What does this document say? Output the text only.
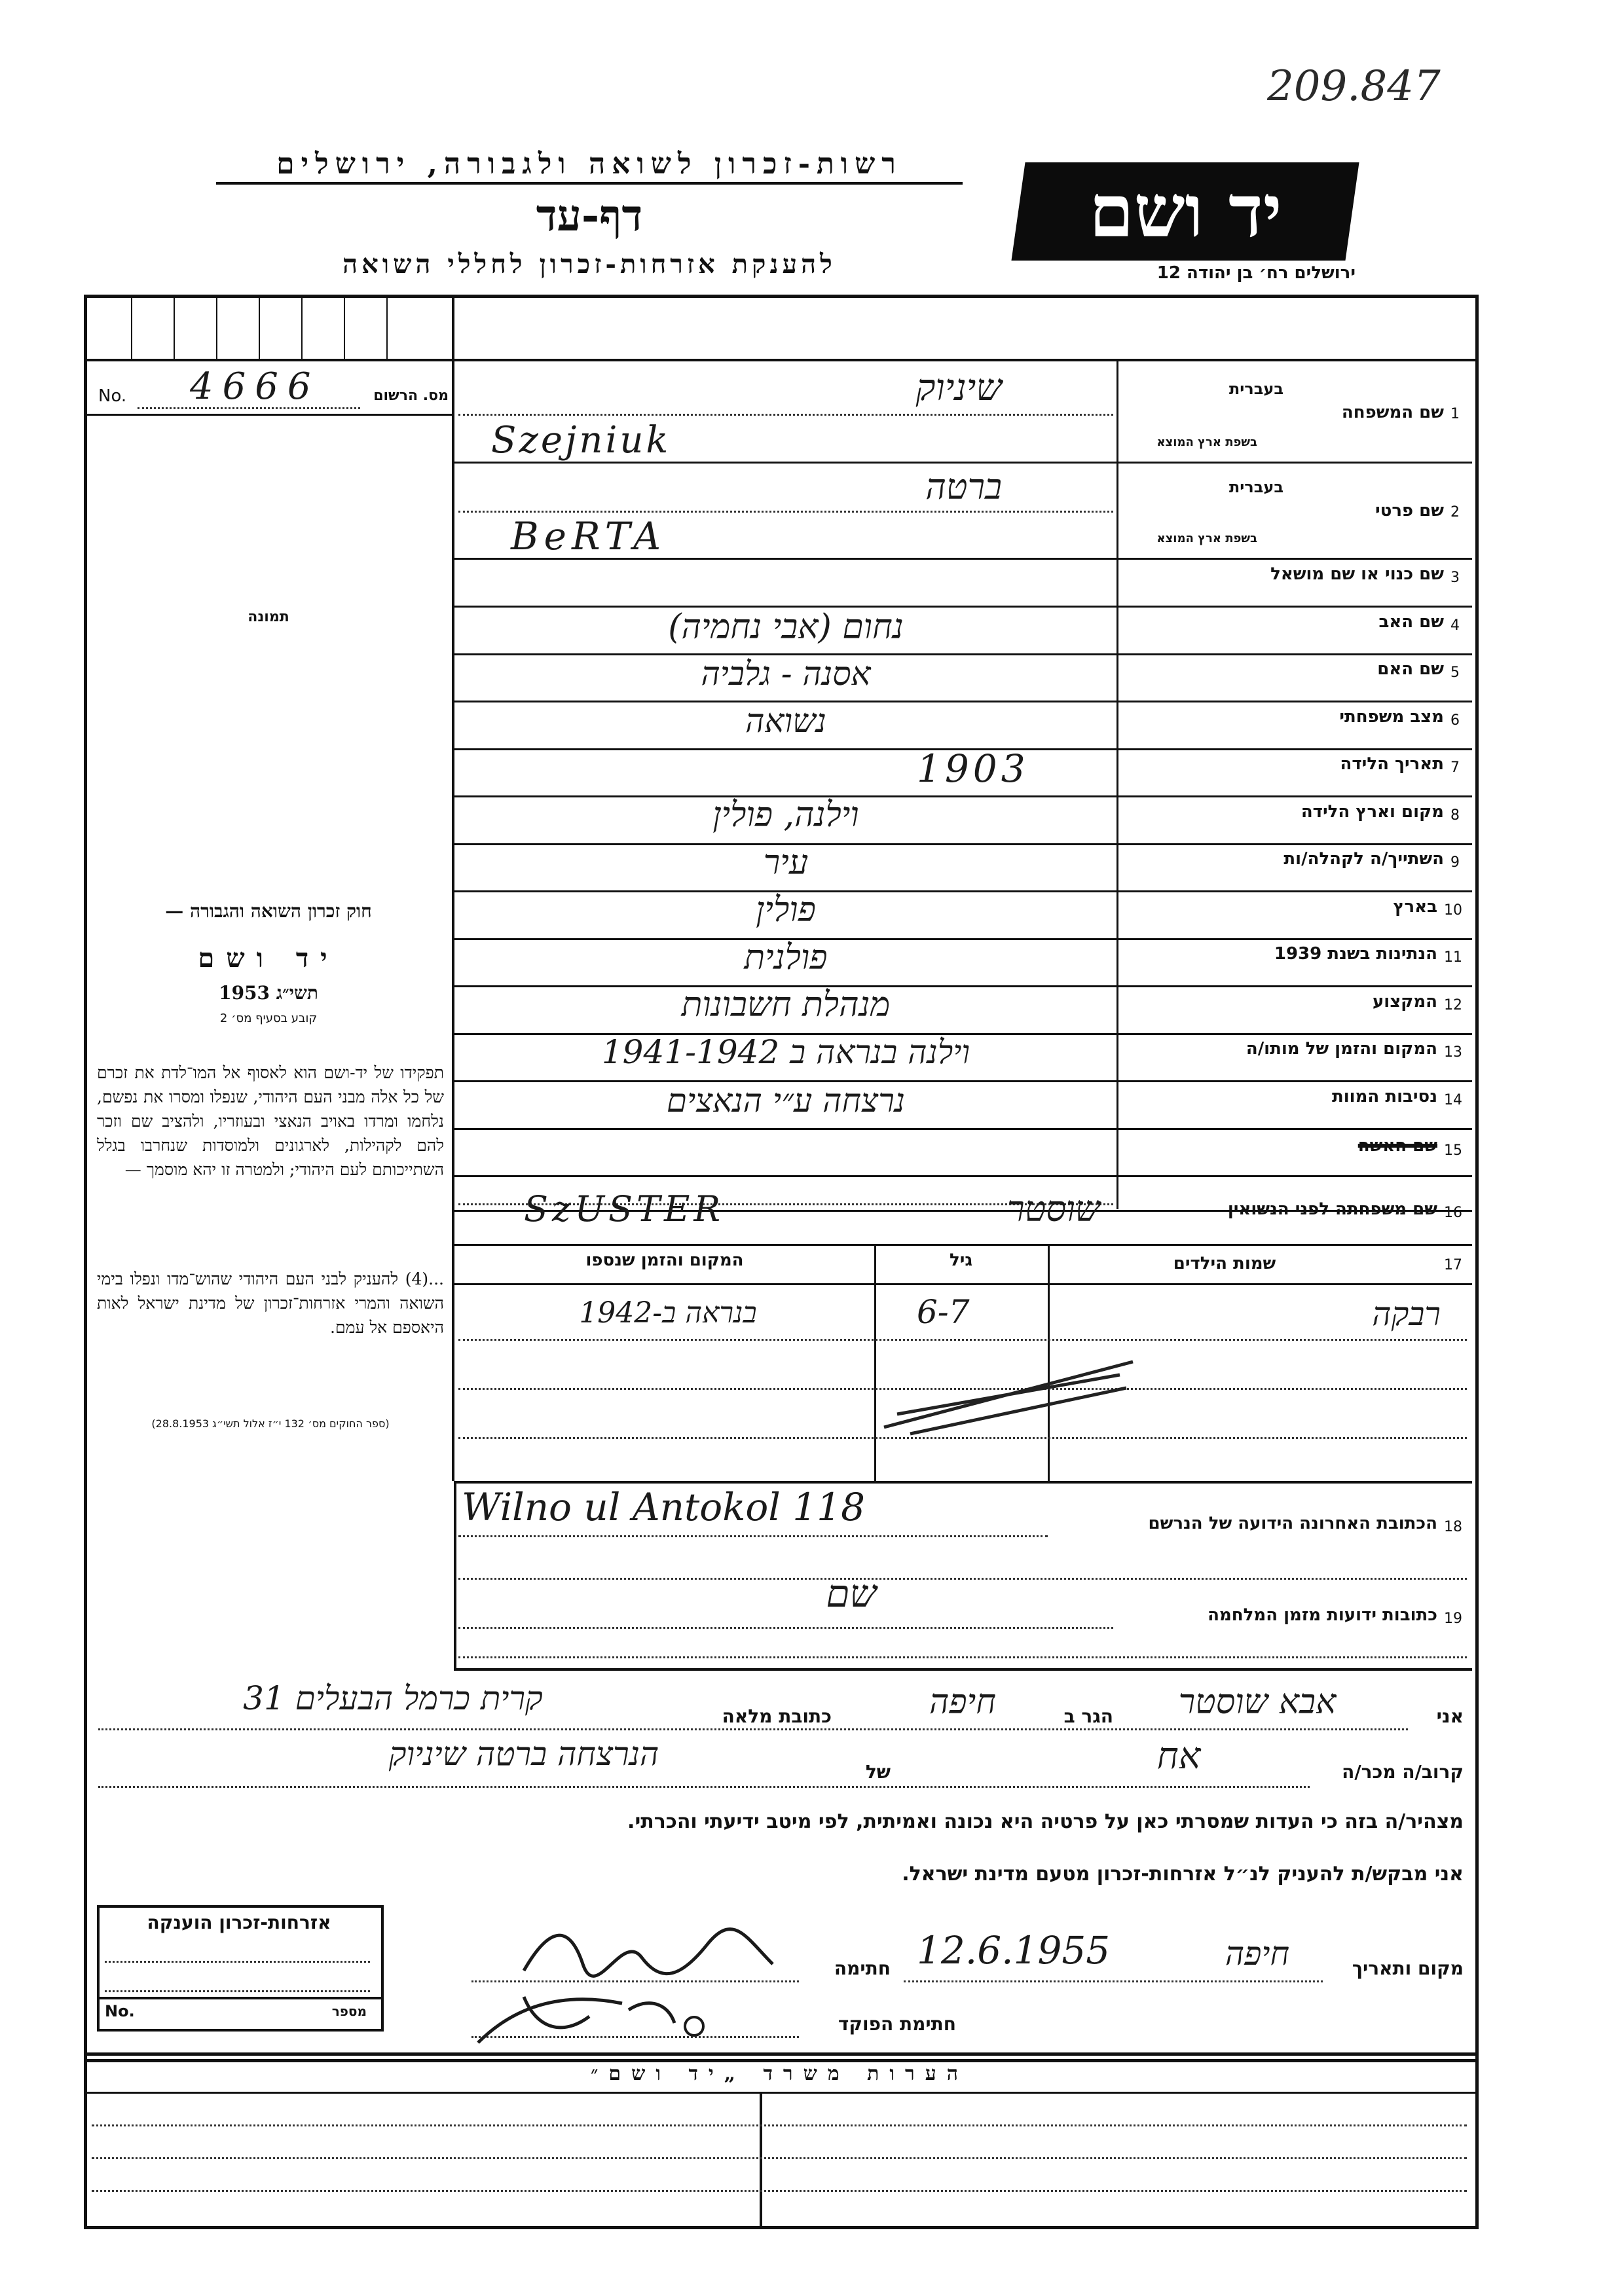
209.847
יד ושם
ירושלים רח׳ בן יהודה 12
רשות-זכרון לשואה ולגבורה, ירושלים
דף-עד
להענקת אזרחות-זכרון לחללי השואה
No. 4666	מס. הרשום
תמונה
חוק זכרון השואה והגבורה —
יד ושם
תשי״ג 1953
קובע בסעיף מס׳ 2
תפקידו של יד-ושם הוא לאסוף אל המו־לדת את זכרם של כל אלה מבני העם היהודי, שנפלו ומסרו את נפשם, נלחמו ומרדו באויב הנאצי ובעוזריו, ולהציב שם וזכר להם לקהילות, לארגונים ולמוסדות שנחרבו בגלל השתייכותם לעם היהודי; ולמטרה זו יהא מוסמך —
...(4) להעניק לבני העם היהודי שהוש־מדו ונפלו בימי השואה והמרי אזרחות־זכרון של מדינת ישראל לאות היאספם אל עמם.
(ספר החוקים מס׳ 132 י״ז אלול תשי״ג 28.8.1953)
1
שם המשפחה
בעברית
בשפת ארץ המוצא
שיניוק
Szejniuk
2
שם פרטי
בעברית
בשפת ארץ המוצא
ברטה
BeRTA
3
שם כנוי או שם מושאל
4
שם האב
נחום (אבי נחמיה)
5
שם האם
אסנה - גלביה
6
מצב משפחתי
נשואה
7
תאריך הלידה
1903
8
מקום וארץ הלידה
וילנה, פולין
9
השתייך/ה לקהלה/ות
עיר
10
בארץ
פולין
11
הנתינות בשנת 1939
פולנית
12
המקצוע
מנהלת חשבונות
13
המקום והזמן של מותו/ה
וילנה בנראה ב 1941-1942
14
נסיבות המוות
נרצחה ע״י הנאצים
15
שם האשה
16
שם משפחתה לפני הנשואין
שוסטר
SzUSTER
17
שמות הילדים
גיל
המקום והזמן שנספו
רבקה
6-7
בנראה ב-1942
18
הכתובת האחרונה הידועה של הנרשם
Wilno ul Antokol 118
19
כתובות ידועות מזמן המלחמה
שם
אני
אבא שוסטר
הגר ב
חיפה
כתובת מלאה
קרית כרמל הבעלים 31
קרוב/ה מכר/ה
אח
של
הנרצחה ברטה שיניוק
מצהיר/ה בזה כי העדות שמסרתי כאן על פרטיה היא נכונה ואמיתית, לפי מיטב ידיעתי והכרתי.
אני מבקש/ת להעניק לנ״ל אזרחות-זכרון מטעם מדינת ישראל.
מקום ותאריך
חיפה
12.6.1955
חתימה
חתימת הפוקד
אזרחות-זכרון הוענקה
No.	מספר
הערות משרד „יד ושם״
